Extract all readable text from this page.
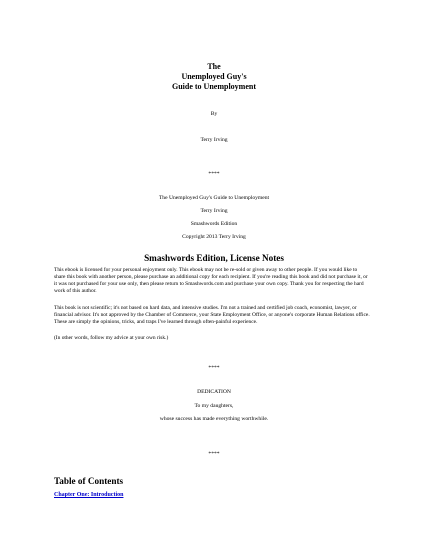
The
Unemployed Guy's
Guide to Unemployment
By
Terry Irving
****
The Unemployed Guy's Guide to Unemployment
Terry Irving
Smashwords Edition
Copyright 2013 Terry Irving
Smashwords Edition, License Notes
This ebook is licensed for your personal enjoyment only. This ebook may not be re-sold or given away to other people. If you would like to share this book with another person, please purchase an additional copy for each recipient. If you're reading this book and did not purchase it, or it was not purchased for your use only, then please return to Smashwords.com and purchase your own copy. Thank you for respecting the hard work of this author.
This book is not scientific; it's not based on hard data, and intensive studies. I'm not a trained and certified job coach, economist, lawyer, or financial advisor. It's not approved by the Chamber of Commerce, your State Employment Office, or anyone's corporate Human Relations office. These are simply the opinions, tricks, and traps I've learned through often-painful experience.
(In other words, follow my advice at your own risk.)
****
DEDICATION
To my daughters,
whose success has made everything worthwhile.
****
Table of Contents
Chapter One: Introduction
